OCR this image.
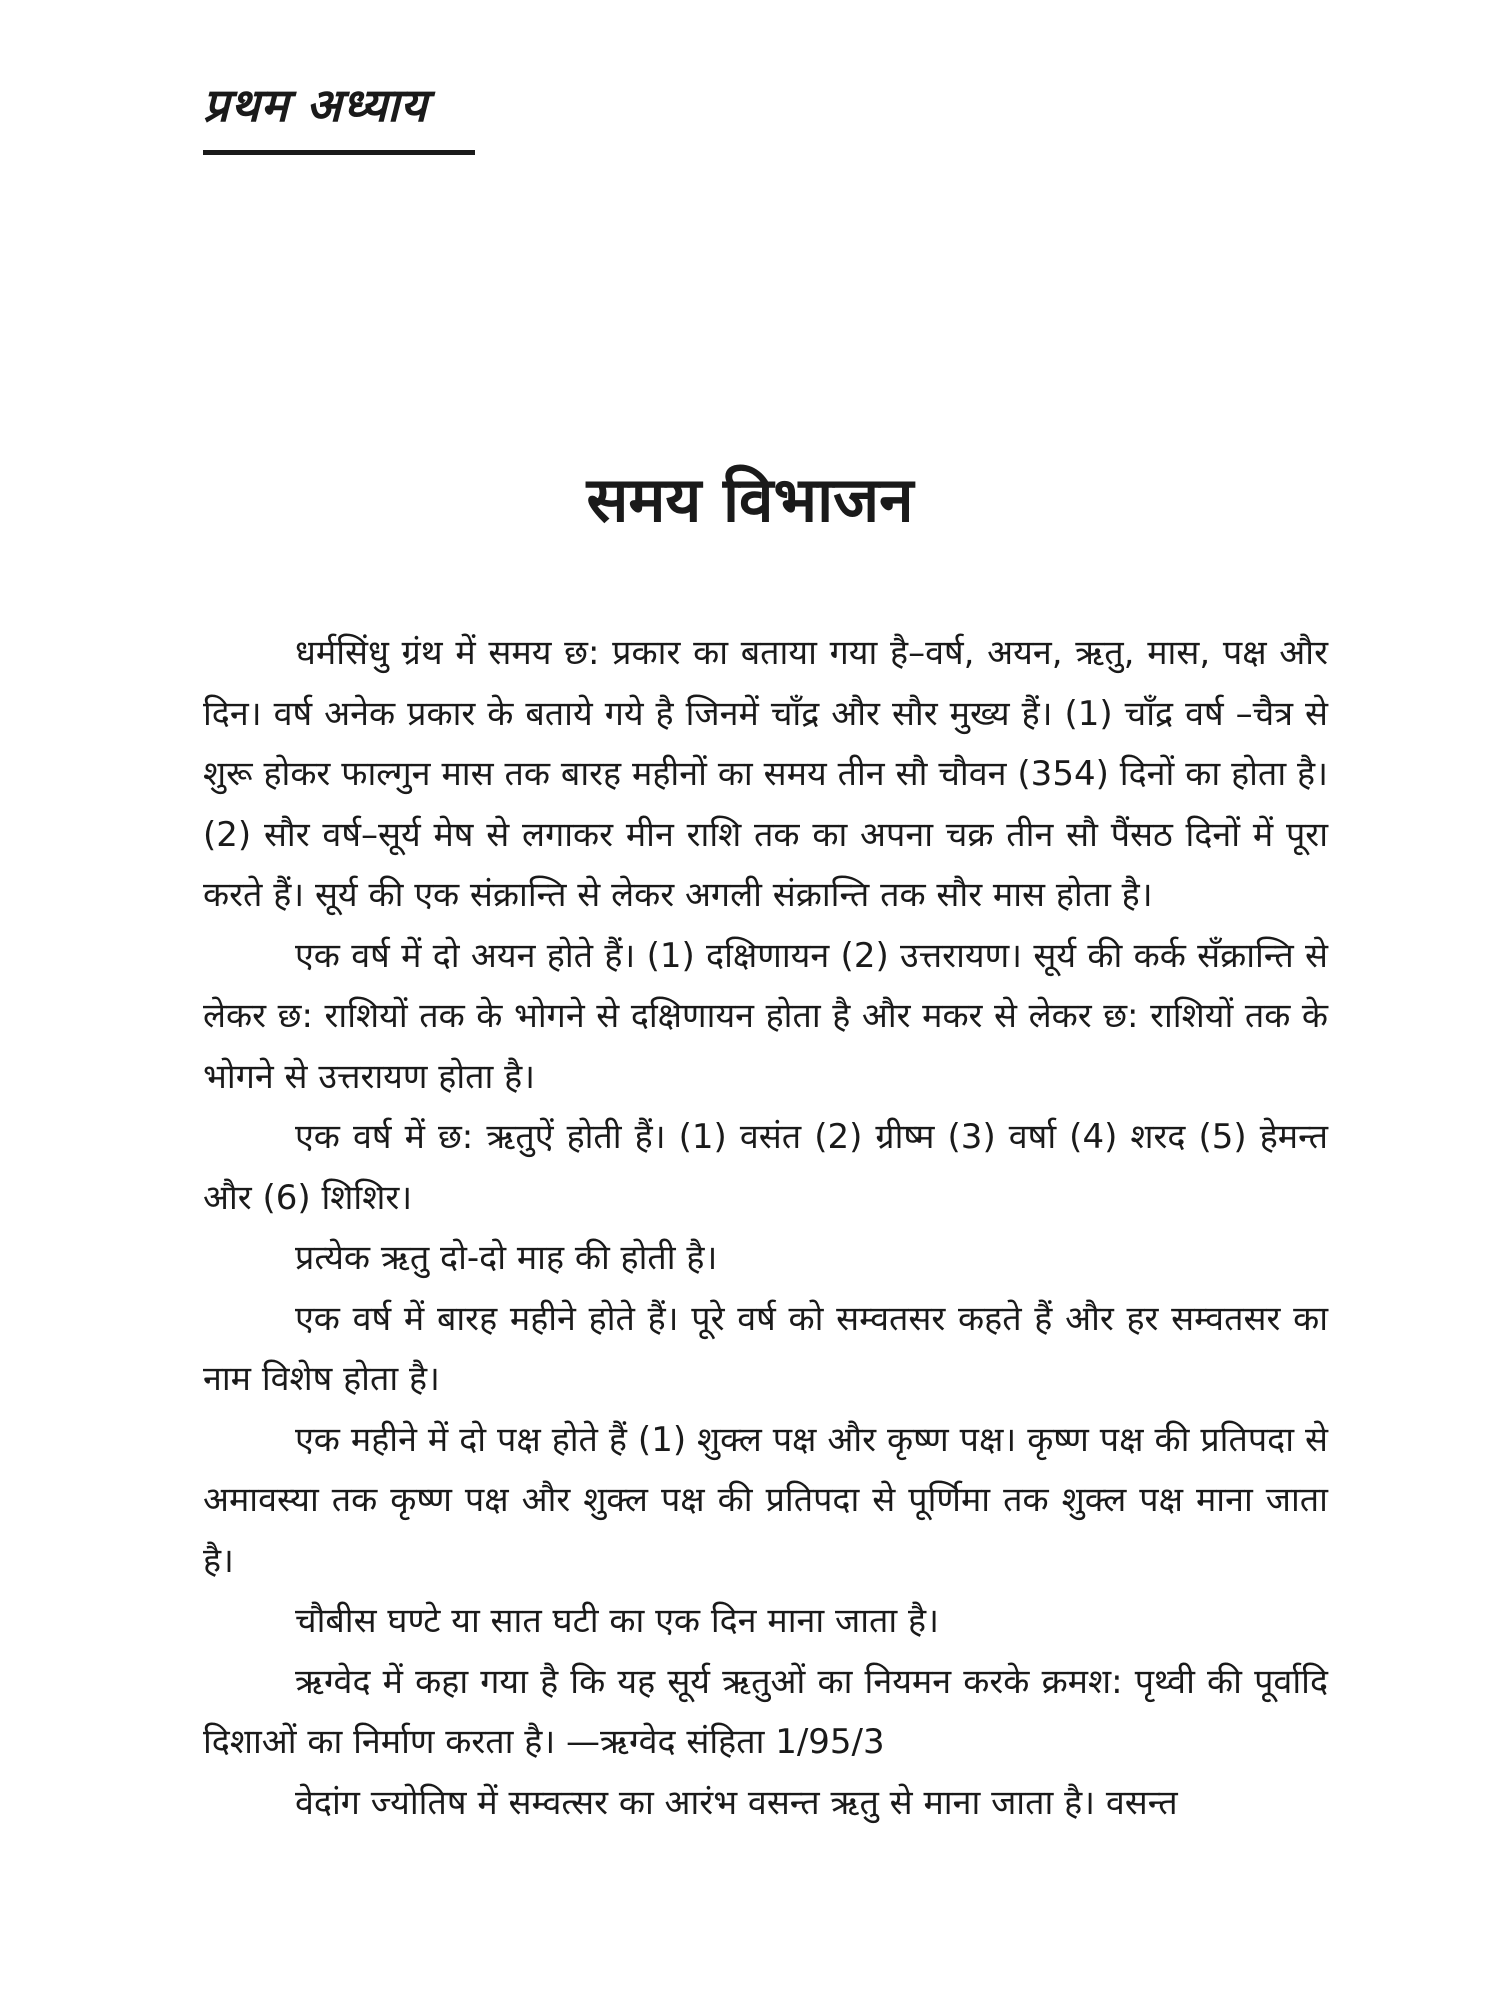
प्रथम अध्याय
समय विभाजन

धर्मसिंधु ग्रंथ में समय छ: प्रकार का बताया गया है–वर्ष, अयन, ऋतु, मास, पक्ष और दिन। वर्ष अनेक प्रकार के बताये गये है जिनमें चाँद्र और सौर मुख्य हैं। (1) चाँद्र वर्ष –चैत्र से शुरू होकर फाल्गुन मास तक बारह महीनों का समय तीन सौ चौवन (354) दिनों का होता है। (2) सौर वर्ष–सूर्य मेष से लगाकर मीन राशि तक का अपना चक्र तीन सौ पैंसठ दिनों में पूरा करते हैं। सूर्य की एक संक्रान्ति से लेकर अगली संक्रान्ति तक सौर मास होता है।

एक वर्ष में दो अयन होते हैं। (1) दक्षिणायन (2) उत्तरायण। सूर्य की कर्क सँक्रान्ति से लेकर छ: राशियों तक के भोगने से दक्षिणायन होता है और मकर से लेकर छ: राशियों तक के भोगने से उत्तरायण होता है।

एक वर्ष में छ: ऋतुऐं होती हैं। (1) वसंत (2) ग्रीष्म (3) वर्षा (4) शरद (5) हेमन्त और (6) शिशिर।

प्रत्येक ऋतु दो-दो माह की होती है।

एक वर्ष में बारह महीने होते हैं। पूरे वर्ष को सम्वतसर कहते हैं और हर सम्वतसर का नाम विशेष होता है।

एक महीने में दो पक्ष होते हैं (1) शुक्ल पक्ष और कृष्ण पक्ष। कृष्ण पक्ष की प्रतिपदा से अमावस्या तक कृष्ण पक्ष और शुक्ल पक्ष की प्रतिपदा से पूर्णिमा तक शुक्ल पक्ष माना जाता है।

चौबीस घण्टे या सात घटी का एक दिन माना जाता है।

ऋग्वेद में कहा गया है कि यह सूर्य ऋतुओं का नियमन करके क्रमश: पृथ्वी की पूर्वादि दिशाओं का निर्माण करता है। —ऋग्वेद संहिता 1/95/3

वेदांग ज्योतिष में सम्वत्सर का आरंभ वसन्त ऋतु से माना जाता है। वसन्त
